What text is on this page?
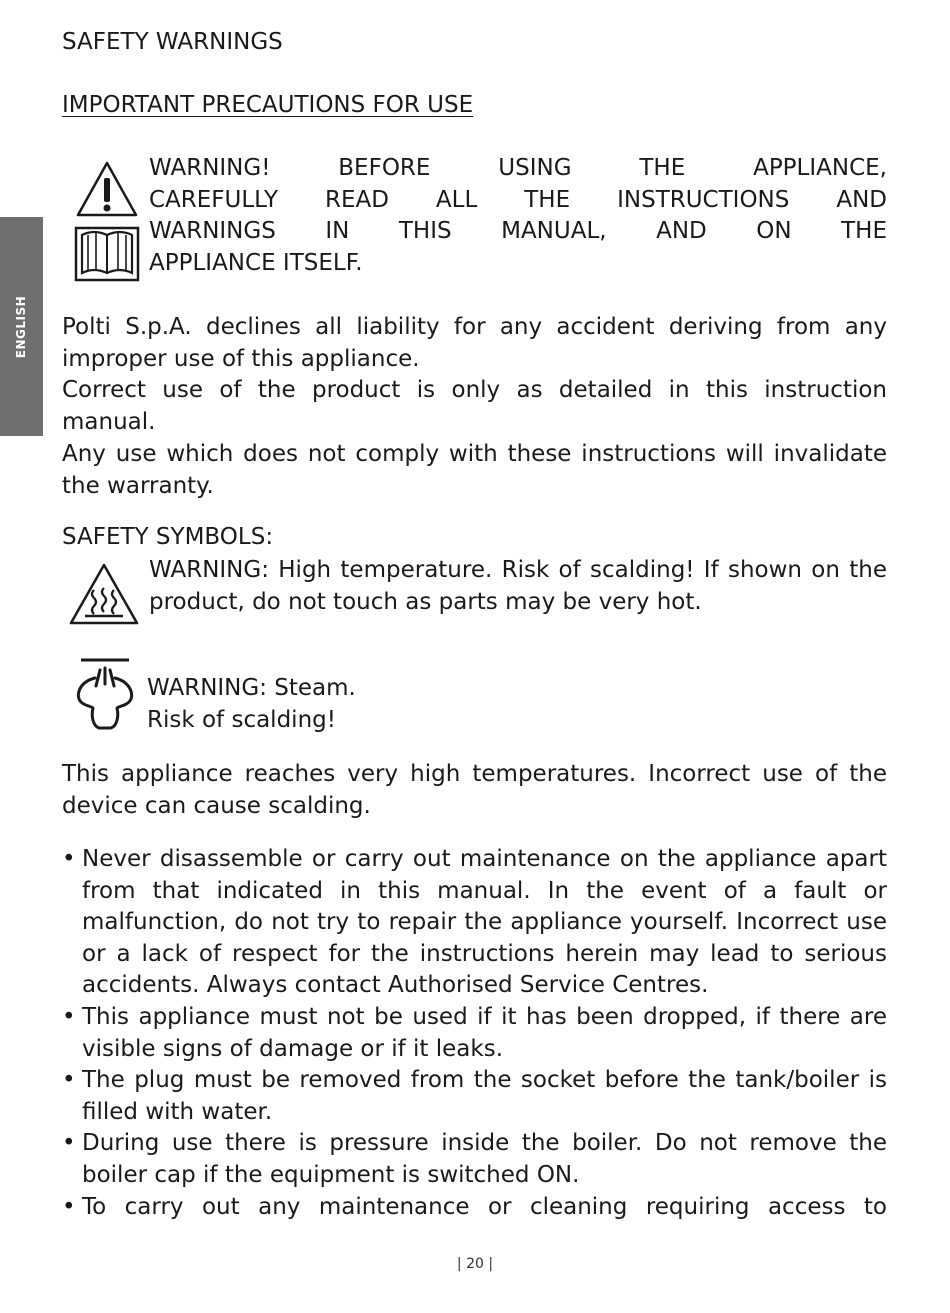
ENGLISH
SAFETY WARNINGS
IMPORTANT PRECAUTIONS FOR USE
WARNING! BEFORE USING THE APPLIANCE,
CAREFULLY READ ALL THE INSTRUCTIONS AND
WARNINGS IN THIS MANUAL, AND ON THE
APPLIANCE ITSELF.
Polti S.p.A. declines all liability for any accident deriving from any improper use of this appliance.
Correct use of the product is only as detailed in this instruction manual.
Any use which does not comply with these instructions will invalidate the warranty.
SAFETY SYMBOLS:
WARNING: High temperature. Risk of scalding! If shown on the product, do not touch as parts may be very hot.
WARNING: Steam.
Risk of scalding!
This appliance reaches very high temperatures. Incorrect use of the device can cause scalding.
• Never disassemble or carry out maintenance on the appliance apart from that indicated in this manual. In the event of a fault or malfunction, do not try to repair the appliance yourself. Incorrect use or a lack of respect for the instructions herein may lead to serious accidents. Always contact Authorised Service Centres.
• This appliance must not be used if it has been dropped, if there are visible signs of damage or if it leaks.
• The plug must be removed from the socket before the tank/boiler is filled with water.
• During use there is pressure inside the boiler. Do not remove the boiler cap if the equipment is switched ON.
• To carry out any maintenance or cleaning requiring access to
| 20 |
